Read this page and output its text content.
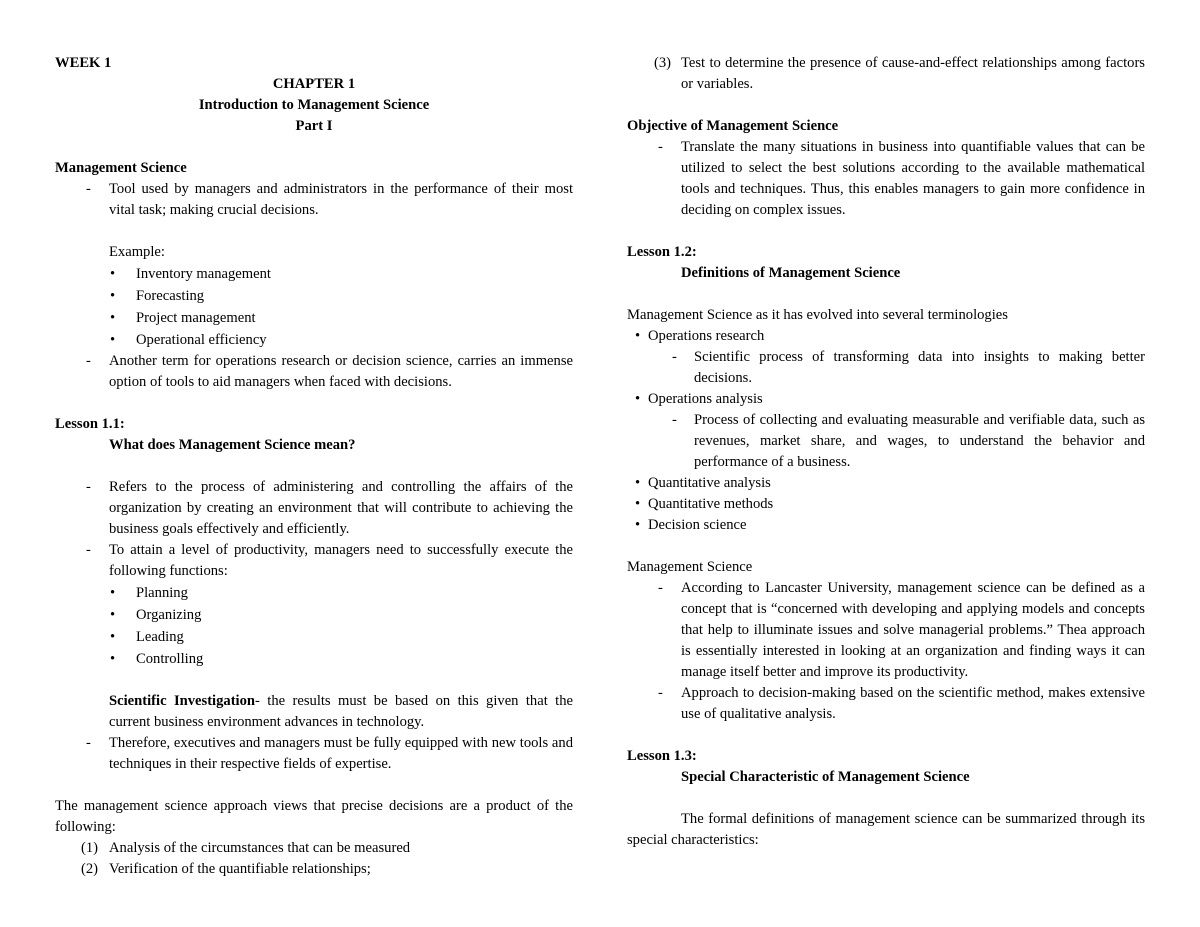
WEEK 1

CHAPTER 1

Introduction to Management Science

Part I

Management Science

- Tool used by managers and administrators in the performance of their most vital task; making crucial decisions.

Example:

• Inventory management
• Forecasting
• Project management
• Operational efficiency

- Another term for operations research or decision science, carries an immense option of tools to aid managers when faced with decisions.

Lesson 1.1:

What does Management Science mean?

- Refers to the process of administering and controlling the affairs of the organization by creating an environment that will contribute to achieving the business goals effectively and efficiently.

- To attain a level of productivity, managers need to successfully execute the following functions:

• Planning
• Organizing
• Leading
• Controlling

Scientific Investigation- the results must be based on this given that the current business environment advances in technology.

- Therefore, executives and managers must be fully equipped with new tools and techniques in their respective fields of expertise.

The management science approach views that precise decisions are a product of the following:

(1) Analysis of the circumstances that can be measured
(2) Verification of the quantifiable relationships;

(3) Test to determine the presence of cause-and-effect relationships among factors or variables.

Objective of Management Science

- Translate the many situations in business into quantifiable values that can be utilized to select the best solutions according to the available mathematical tools and techniques. Thus, this enables managers to gain more confidence in deciding on complex issues.

Lesson 1.2:

Definitions of Management Science

Management Science as it has evolved into several terminologies

• Operations research

- Scientific process of transforming data into insights to making better decisions.

• Operations analysis

- Process of collecting and evaluating measurable and verifiable data, such as revenues, market share, and wages, to understand the behavior and performance of a business.

• Quantitative analysis
• Quantitative methods
• Decision science

Management Science

- According to Lancaster University, management science can be defined as a concept that is “concerned with developing and applying models and concepts that help to illuminate issues and solve managerial problems.” Thea approach is essentially interested in looking at an organization and finding ways it can manage itself better and improve its productivity.

- Approach to decision-making based on the scientific method, makes extensive use of qualitative analysis.

Lesson 1.3:

Special Characteristic of Management Science

The formal definitions of management science can be summarized through its special characteristics:
